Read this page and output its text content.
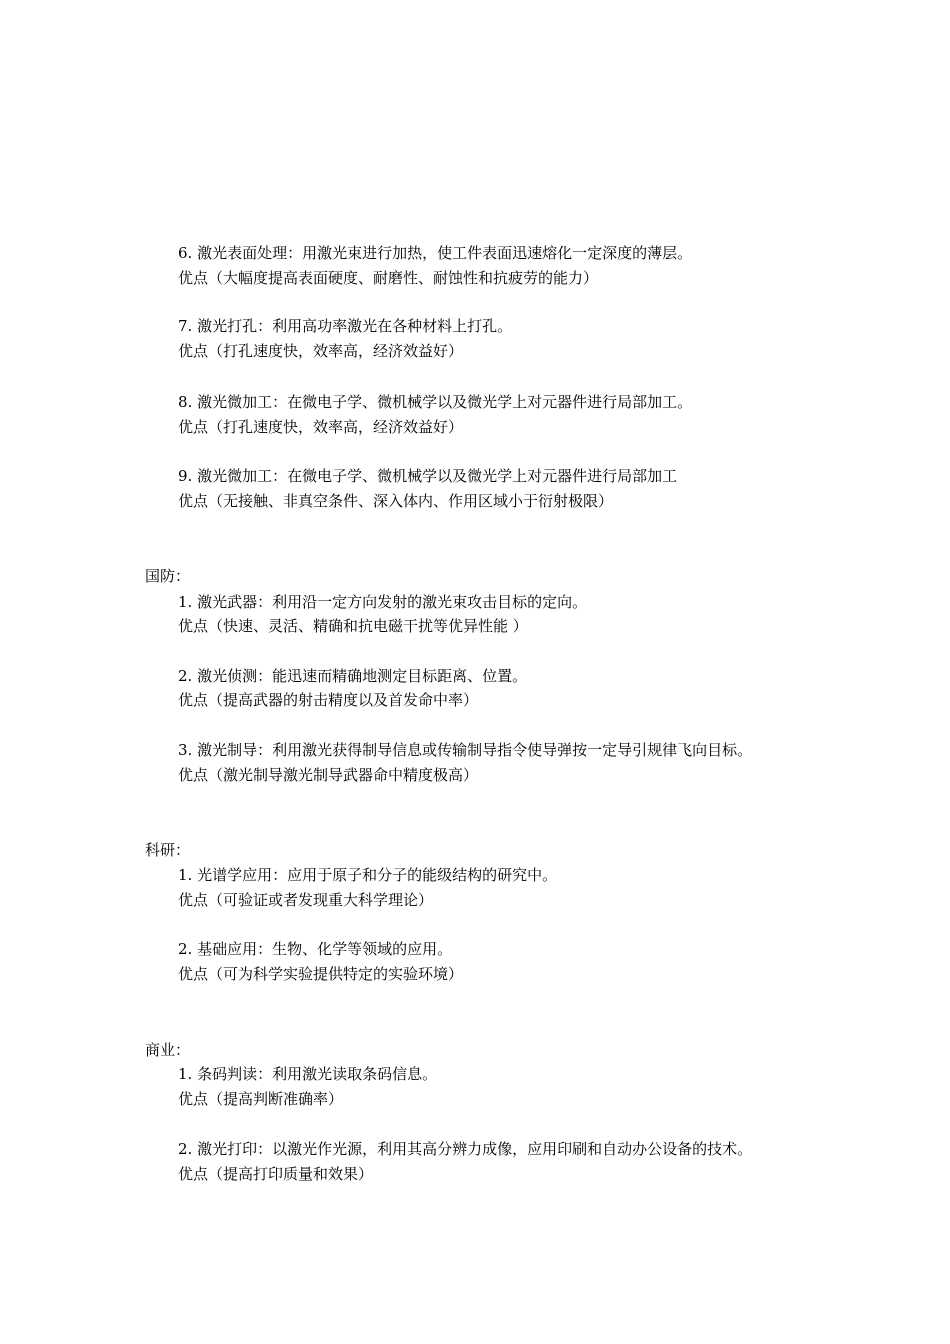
6. 激光表面处理：用激光束进行加热，使工件表面迅速熔化一定深度的薄层。
优点（大幅度提高表面硬度、耐磨性、耐蚀性和抗疲劳的能力）
7. 激光打孔：利用高功率激光在各种材料上打孔。
优点（打孔速度快，效率高，经济效益好）
8. 激光微加工：在微电子学、微机械学以及微光学上对元器件进行局部加工。
优点（打孔速度快，效率高，经济效益好）
9. 激光微加工：在微电子学、微机械学以及微光学上对元器件进行局部加工
优点（无接触、非真空条件、深入体内、作用区域小于衍射极限）
国防：
1. 激光武器：利用沿一定方向发射的激光束攻击目标的定向。
优点（快速、灵活、精确和抗电磁干扰等优异性能 ）
2. 激光侦测：能迅速而精确地测定目标距离、位置。
优点（提高武器的射击精度以及首发命中率）
3. 激光制导：利用激光获得制导信息或传输制导指令使导弹按一定导引规律飞向目标。
优点（激光制导激光制导武器命中精度极高）
科研：
1. 光谱学应用：应用于原子和分子的能级结构的研究中。
优点（可验证或者发现重大科学理论）
2. 基础应用：生物、化学等领域的应用。
优点（可为科学实验提供特定的实验环境）
商业：
1. 条码判读：利用激光读取条码信息。
优点（提高判断准确率）
2. 激光打印：以激光作光源，利用其高分辨力成像，应用印刷和自动办公设备的技术。
优点（提高打印质量和效果）
